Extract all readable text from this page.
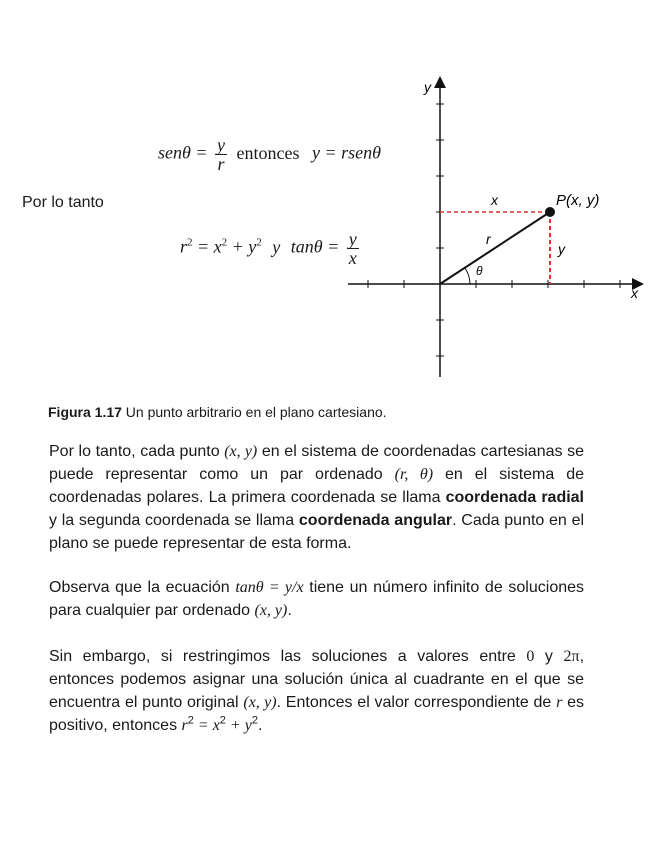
Por lo tanto
$sen\theta = \frac{y}{r}$ entonces y = rsenθ
$r^2 = x^2 + y^2$ y $\tan\theta = \frac{y}{x}$
y
x
x
y
r
θ
P(x, y)
Figura 1.17 Un punto arbitrario en el plano cartesiano.

Por lo tanto, cada punto (x, y) en el sistema de coordenadas cartesianas se puede representar como un par ordenado (r, θ) en el sistema de coordenadas polares. La primera coordenada se llama coordenada radial y la segunda coordenada se llama coordenada angular. Cada punto en el plano se puede representar de esta forma.

Observa que la ecuación tanθ = y/x tiene un número infinito de soluciones para cualquier par ordenado (x, y).

Sin embargo, si restringimos las soluciones a valores entre 0 y 2π, entonces podemos asignar una solución única al cuadrante en el que se encuentra el punto original (x, y). Entonces el valor correspondiente de r es positivo, entonces $r^2 = x^2 + y^2$.
